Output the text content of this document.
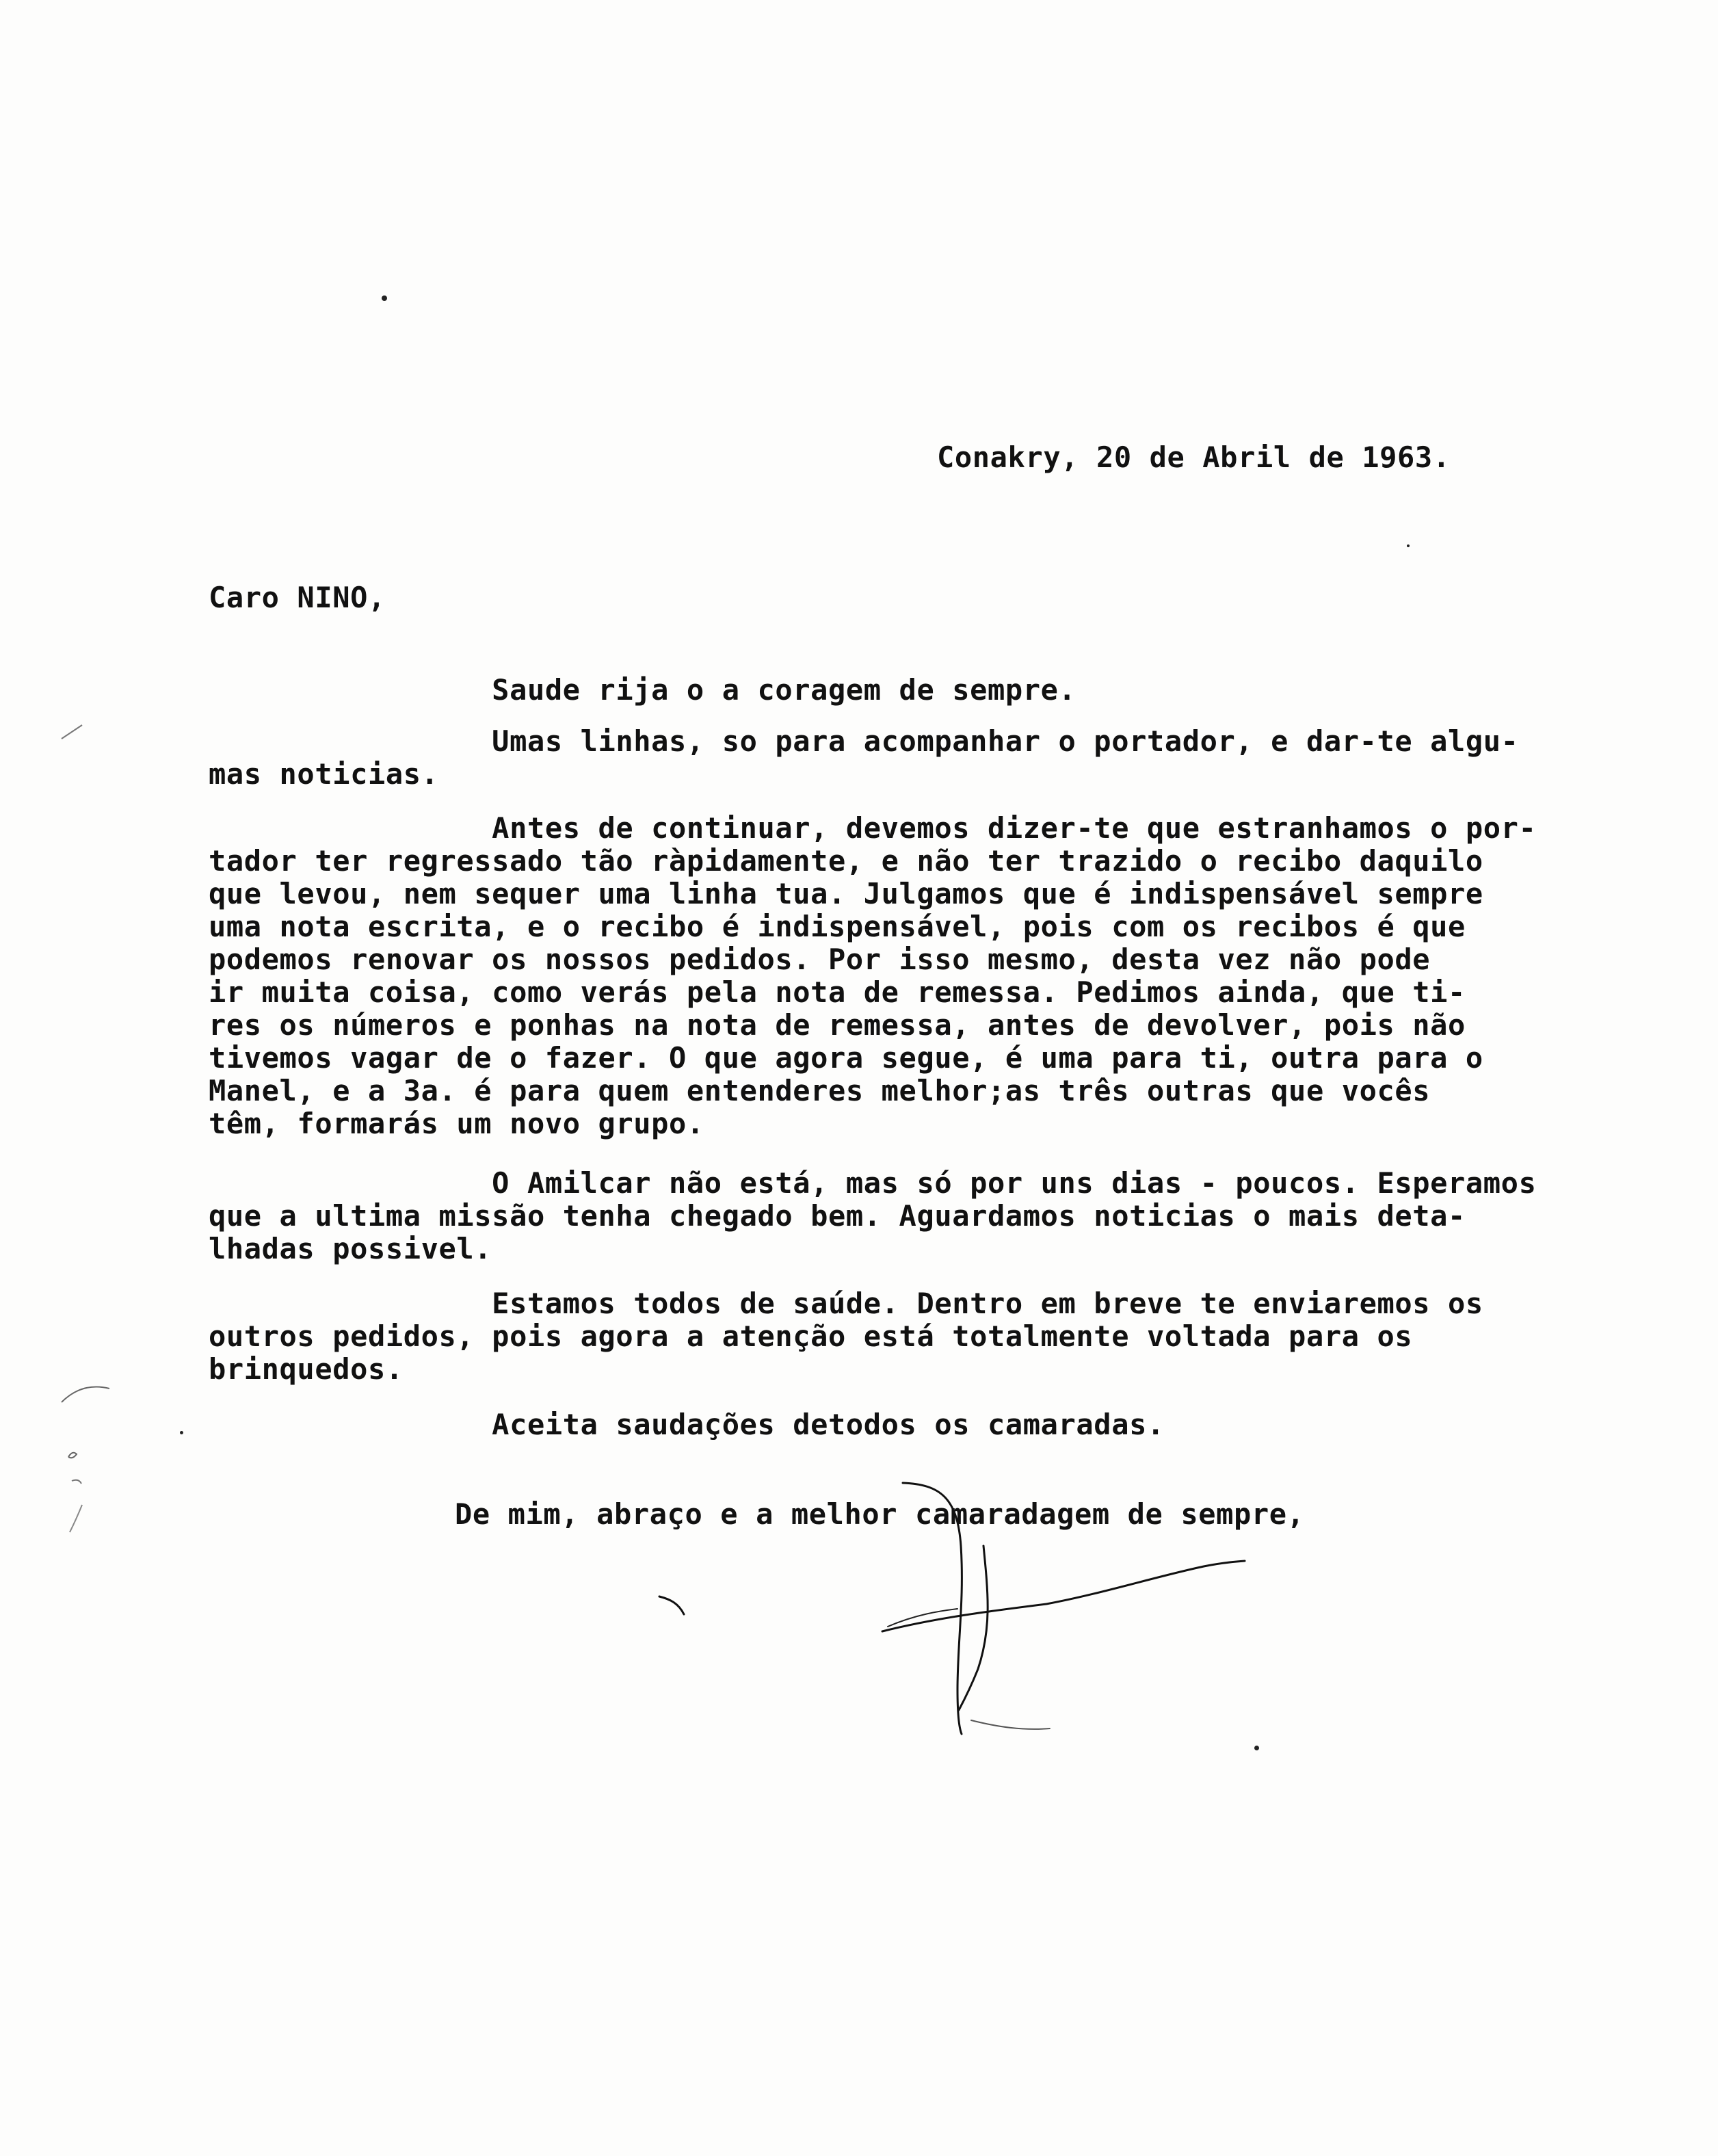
Conakry, 20 de Abril de 1963.

Caro NINO,

Saude rija o a coragem de sempre.

Umas linhas, so para acompanhar o portador, e dar-te algu-
mas noticias.

Antes de continuar, devemos dizer-te que estranhamos o por-
tador ter regressado tão ràpidamente, e não ter trazido o recibo daquilo
que levou, nem sequer uma linha tua. Julgamos que é indispensável sempre
uma nota escrita, e o recibo é indispensável, pois com os recibos é que
podemos renovar os nossos pedidos. Por isso mesmo, desta vez não pode
ir muita coisa, como verás pela nota de remessa. Pedimos ainda, que ti-
res os números e ponhas na nota de remessa, antes de devolver, pois não
tivemos vagar de o fazer. O que agora segue, é uma para ti, outra para o
Manel, e a 3a. é para quem entenderes melhor;as três outras que vocês
têm, formarás um novo grupo.

O Amilcar não está, mas só por uns dias - poucos. Esperamos
que a ultima missão tenha chegado bem. Aguardamos noticias o mais deta-
lhadas possivel.

Estamos todos de saúde. Dentro em breve te enviaremos os
outros pedidos, pois agora a atenção está totalmente voltada para os
brinquedos.

Aceita saudações detodos os camaradas.

De mim, abraço e a melhor camaradagem de sempre,
